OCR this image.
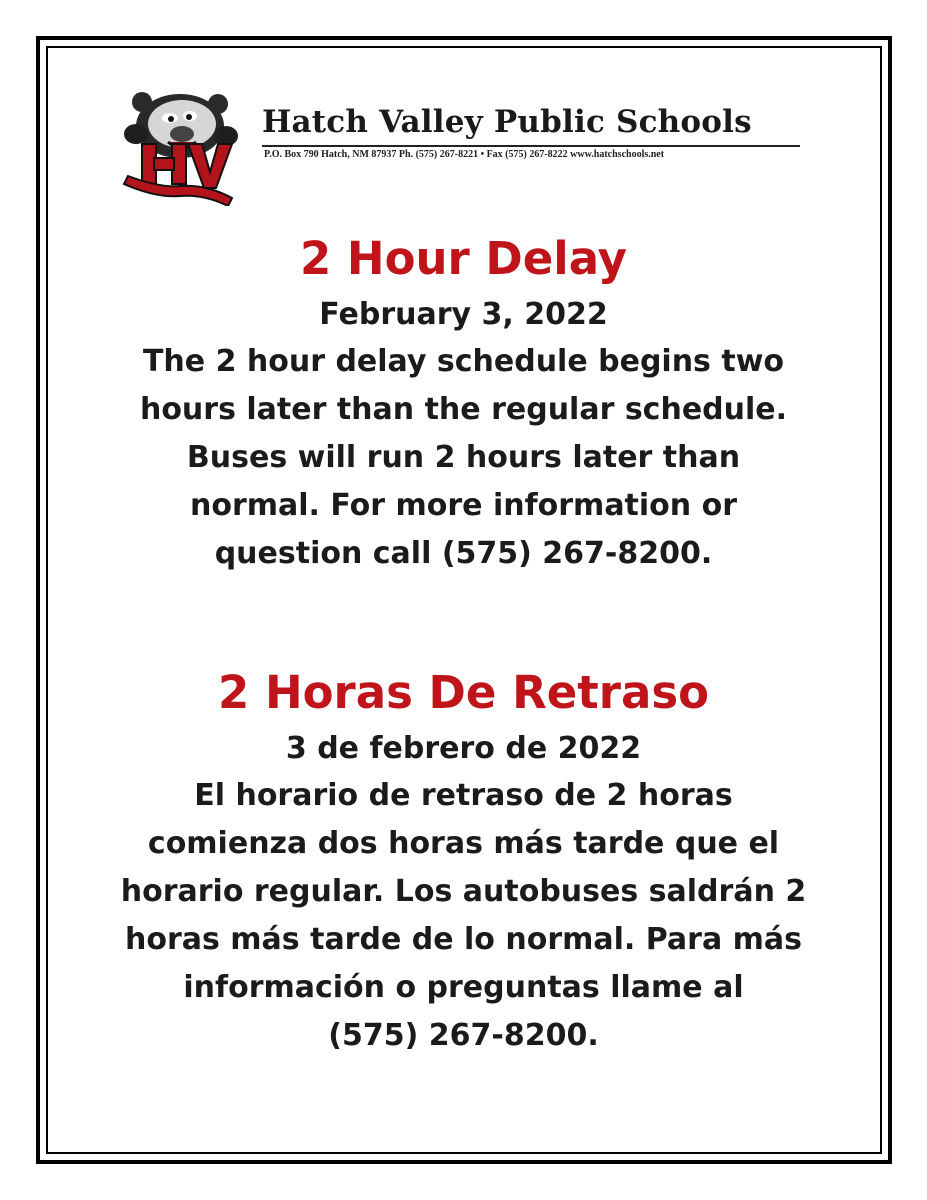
Hatch Valley Public Schools
P.O. Box 790 Hatch, NM 87937 Ph. (575) 267-8221 • Fax (575) 267-8222 www.hatchschools.net
2 Hour Delay
February 3, 2022

The 2 hour delay schedule begins two
hours later than the regular schedule.
Buses will run 2 hours later than
normal. For more information or
question call (575) 267-8200.

2 Horas De Retraso
3 de febrero de 2022

El horario de retraso de 2 horas
comienza dos horas más tarde que el
horario regular. Los autobuses saldrán 2
horas más tarde de lo normal. Para más
información o preguntas llame al
(575) 267-8200.
